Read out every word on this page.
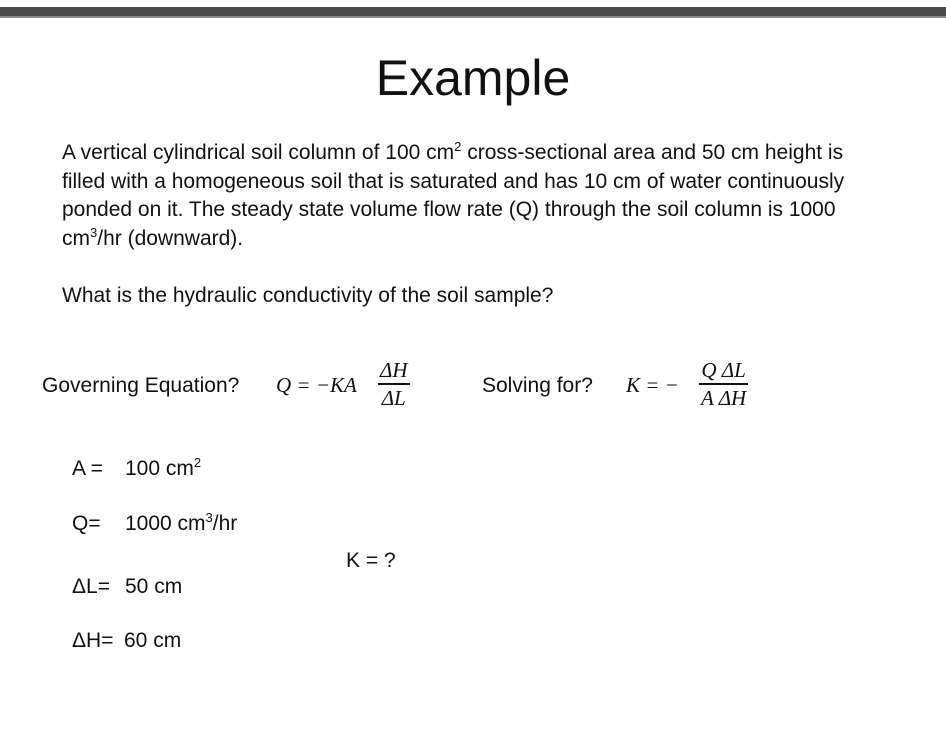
Example
A vertical cylindrical soil column of 100 $cm^2$ cross-sectional area and 50 cm height is filled with a homogeneous soil that is saturated and has 10 cm of water continuously ponded on it. The steady state volume flow rate (Q) through the soil column is 1000 $cm^3/hr$ (downward).
What is the hydraulic conductivity of the soil sample?
Governing Equation? Q = −KA
ΔH
ΔL	Solving for? K = −
Q ΔL
A ΔH
A = 100 $cm^2$
Q= 1000 $cm^3/hr$
K = ?
ΔL= 50 cm
ΔH= 60 cm
